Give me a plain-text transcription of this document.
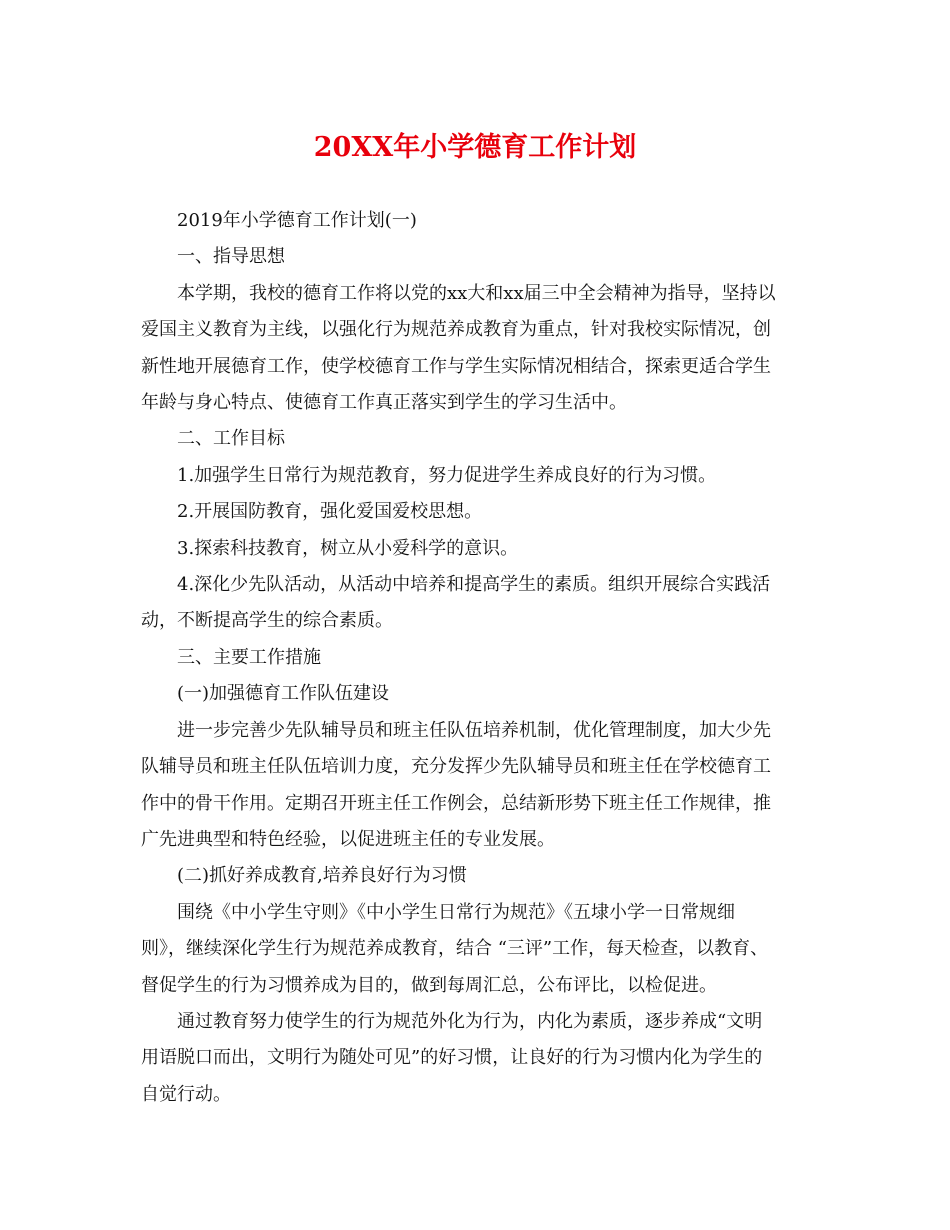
20XX年小学德育工作计划

2019年小学德育工作计划(一)

一、指导思想

本学期，我校的德育工作将以党的xx大和xx届三中全会精神为指导，坚持以

爱国主义教育为主线，以强化行为规范养成教育为重点，针对我校实际情况，创

新性地开展德育工作，使学校德育工作与学生实际情况相结合，探索更适合学生

年龄与身心特点、使德育工作真正落实到学生的学习生活中。

二、工作目标

1.加强学生日常行为规范教育，努力促进学生养成良好的行为习惯。

2.开展国防教育，强化爱国爱校思想。

3.探索科技教育，树立从小爱科学的意识。

4.深化少先队活动，从活动中培养和提高学生的素质。组织开展综合实践活

动，不断提高学生的综合素质。

三、主要工作措施

(一)加强德育工作队伍建设

进一步完善少先队辅导员和班主任队伍培养机制，优化管理制度，加大少先

队辅导员和班主任队伍培训力度，充分发挥少先队辅导员和班主任在学校德育工

作中的骨干作用。定期召开班主任工作例会，总结新形势下班主任工作规律，推

广先进典型和特色经验，以促进班主任的专业发展。

(二)抓好养成教育,培养良好行为习惯

围绕《中小学生守则》《中小学生日常行为规范》《五埭小学一日常规细

则》，继续深化学生行为规范养成教育，结合 “三评”工作，每天检查，以教育、

督促学生的行为习惯养成为目的，做到每周汇总，公布评比，以检促进。

通过教育努力使学生的行为规范外化为行为，内化为素质，逐步养成“文明

用语脱口而出，文明行为随处可见”的好习惯，让良好的行为习惯内化为学生的

自觉行动。
